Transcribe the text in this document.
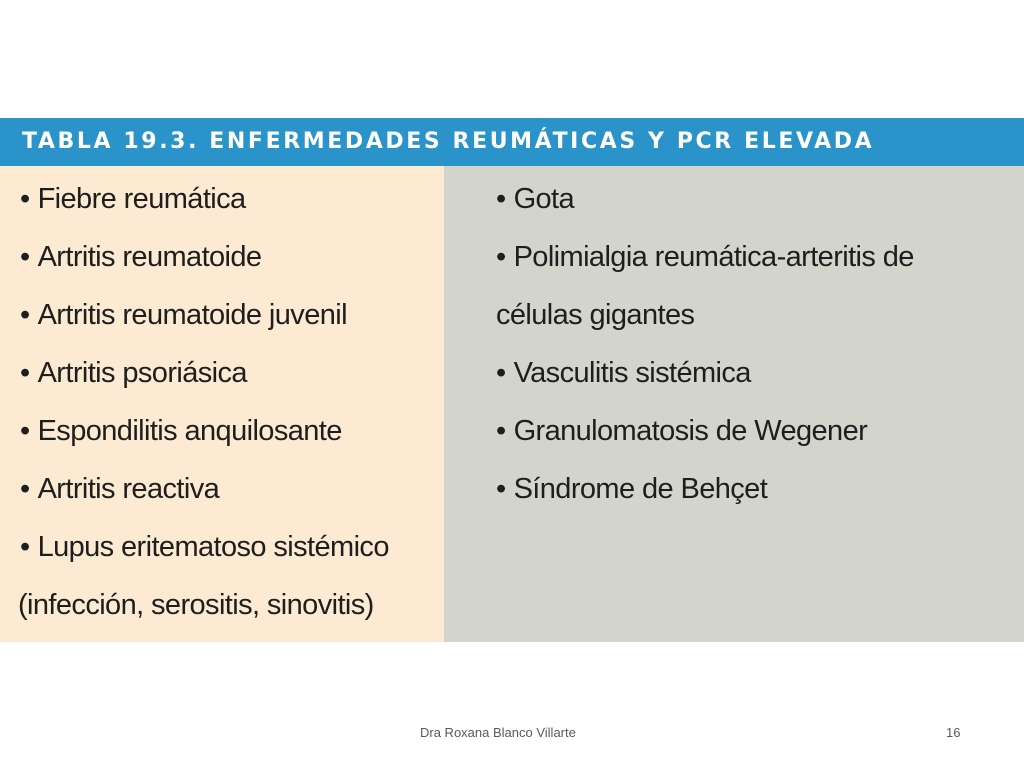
TABLA 19.3. ENFERMEDADES REUMÁTICAS Y PCR ELEVADA
• Fiebre reumática
• Artritis reumatoide
• Artritis reumatoide juvenil
• Artritis psoriásica
• Espondilitis anquilosante
• Artritis reactiva
• Lupus eritematoso sistémico
(infección, serositis, sinovitis)
• Gota
• Polimialgia reumática-arteritis de
células gigantes
• Vasculitis sistémica
• Granulomatosis de Wegener
• Síndrome de Behçet
Dra Roxana Blanco Villarte	16
